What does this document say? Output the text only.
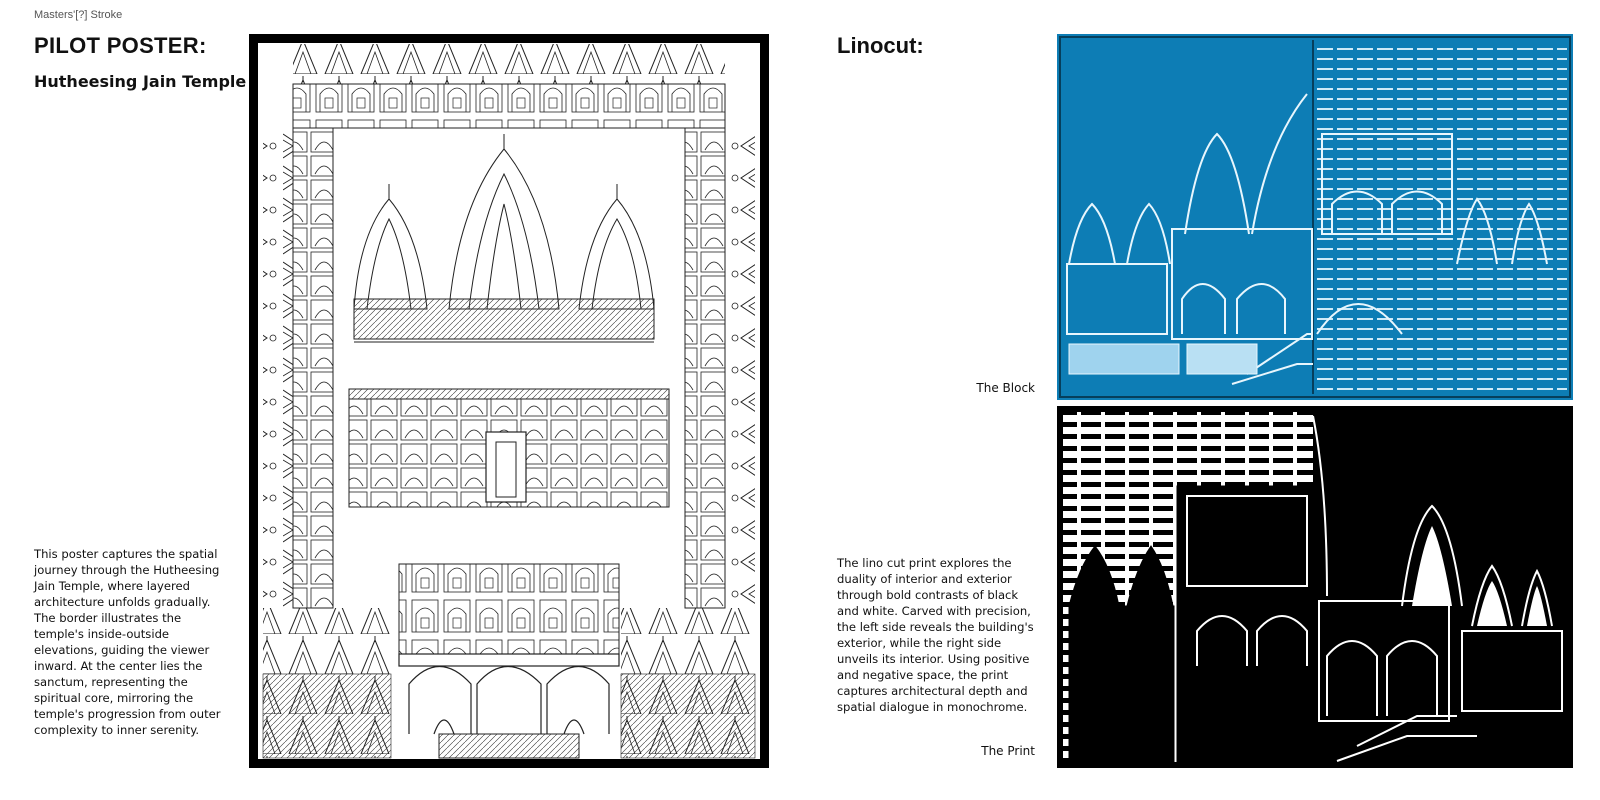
Masters'[?] Stroke
PILOT POSTER:
Hutheesing Jain Temple
This poster captures the spatial journey through the Hutheesing Jain Temple, where layered architecture unfolds gradually. The border illustrates the temple's inside-outside elevations, guiding the viewer inward. At the center lies the sanctum, representing the spiritual core, mirroring the temple's progression from outer complexity to inner serenity.
Linocut:
The Block
The lino cut print explores the duality of interior and exterior through bold contrasts of black and white. Carved with precision, the left side reveals the building's exterior, while the right side unveils its interior. Using positive and negative space, the print captures architectural depth and spatial dialogue in monochrome.
The Print
